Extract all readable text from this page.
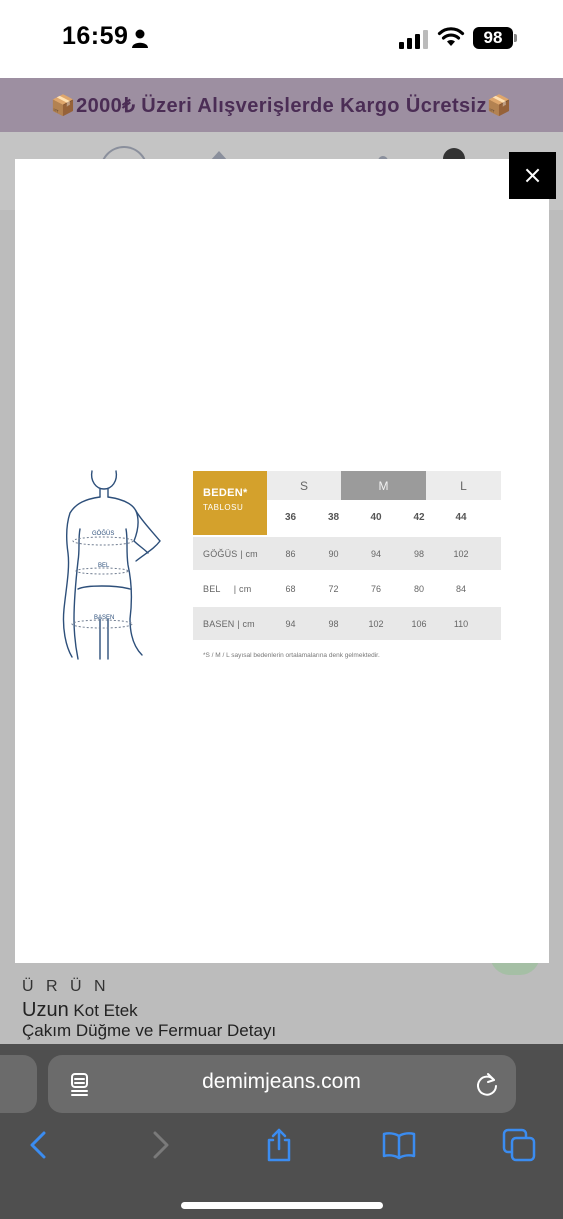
16:59	98
📦2000₺ Üzeri Alışverişlerde Kargo Ücretsiz📦
Ü R Ü N
Uzun Kot Etek
Çakım Düğme ve Fermuar Detayı
×
GÖĞÜS
BEL
BASEN
BEDEN*
TABLOSU
S	M	L
36	38	40	42	44
GÖĞÜS | cm	86	90	94	98	102
BEL     | cm	68	72	76	80	84
BASEN | cm	94	98	102	106	110
*S / M / L sayısal bedenlerin ortalamalarına denk gelmektedir.
demimjeans.com
